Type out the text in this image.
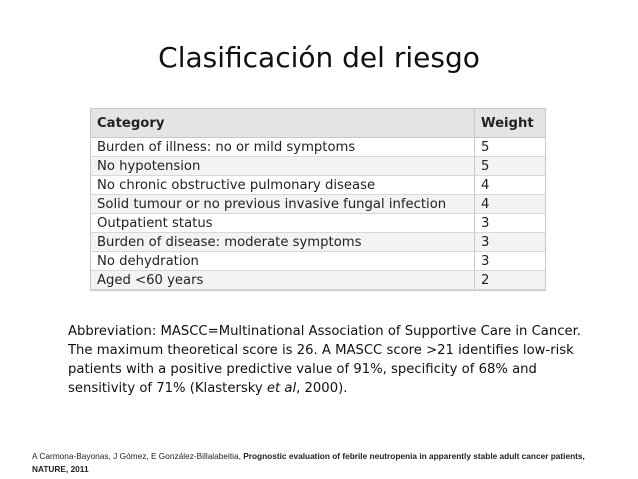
Clasificación del riesgo
Category	Weight
Burden of illness: no or mild symptoms	5
No hypotension	5
No chronic obstructive pulmonary disease	4
Solid tumour or no previous invasive fungal infection	4
Outpatient status	3
Burden of disease: moderate symptoms	3
No dehydration	3
Aged <60 years	2

Abbreviation: MASCC=Multinational Association of Supportive Care in Cancer.

The maximum theoretical score is 26. A MASCC score >21 identifies low-risk patients with a positive predictive value of 91%, specificity of 68% and sensitivity of 71% (Klastersky et al, 2000).

A Carmona-Bayonas, J Gómez, E González-Billalabeitia, Prognostic evaluation of febrile neutropenia in apparently stable adult cancer patients, NATURE, 2011
